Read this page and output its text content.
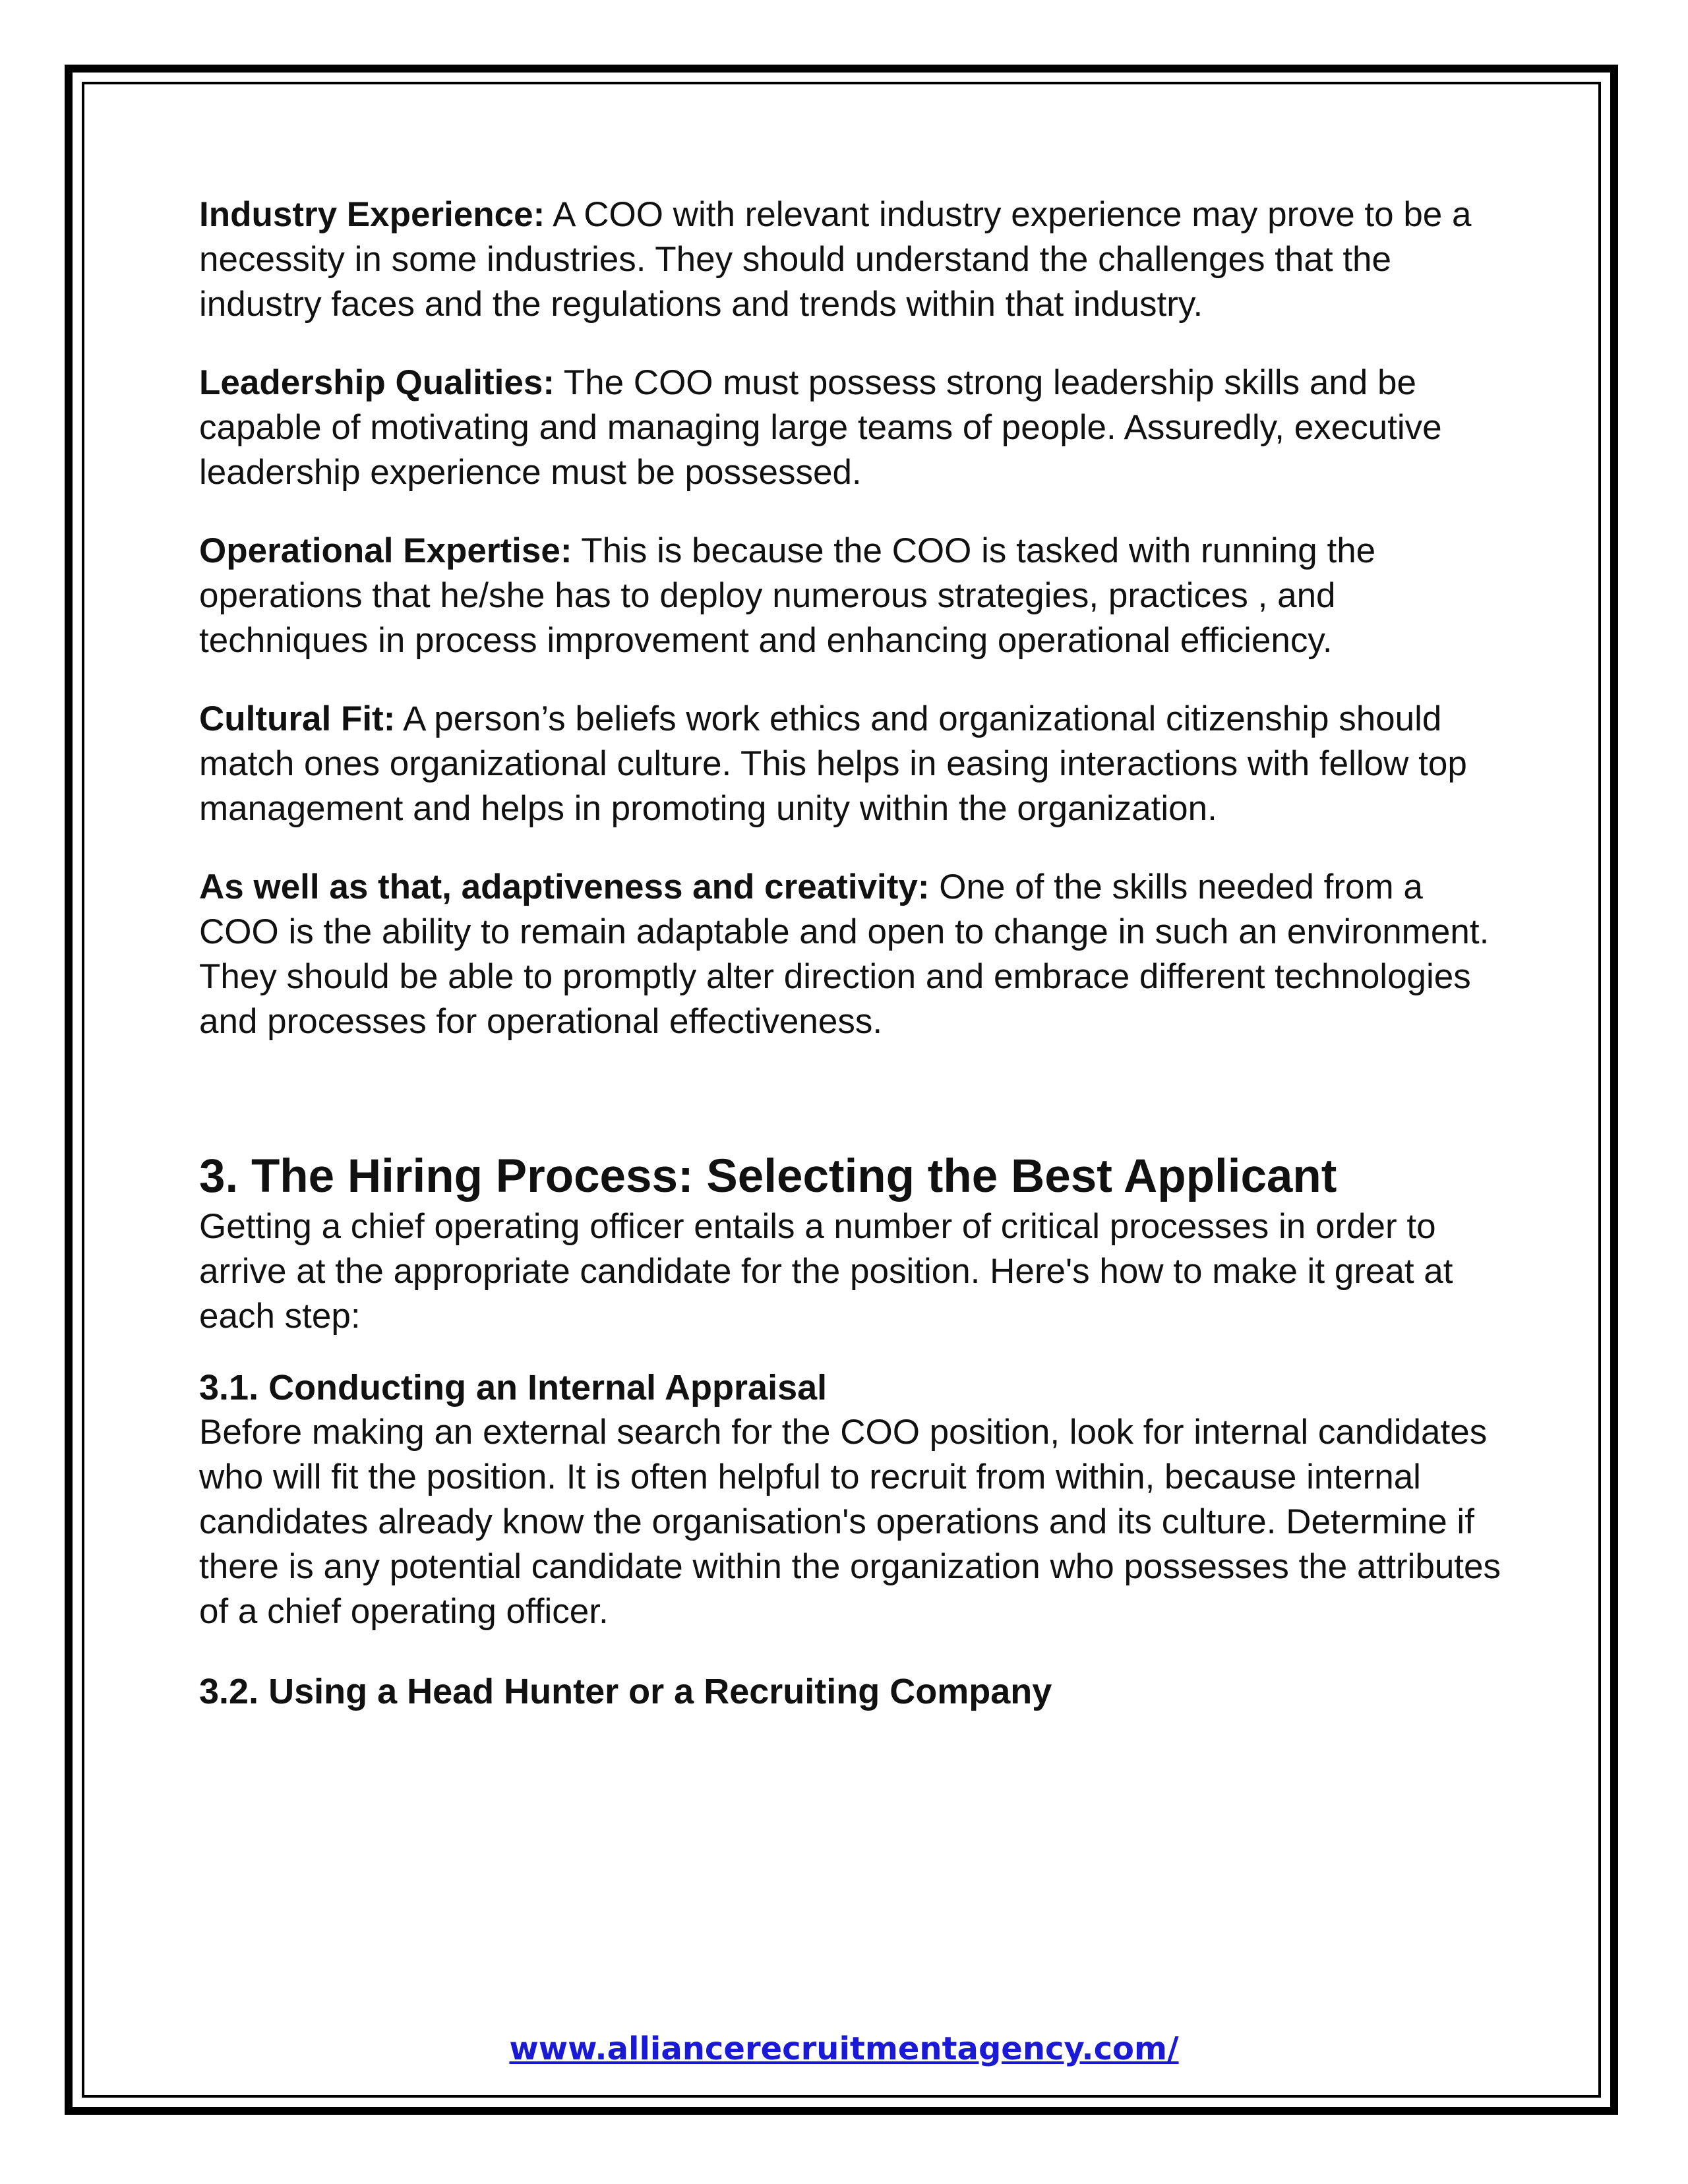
Industry Experience: A COO with relevant industry experience may prove to be a necessity in some industries. They should understand the challenges that the industry faces and the regulations and trends within that industry.

Leadership Qualities: The COO must possess strong leadership skills and be capable of motivating and managing large teams of people. Assuredly, executive leadership experience must be possessed.

Operational Expertise: This is because the COO is tasked with running the operations that he/she has to deploy numerous strategies, practices , and techniques in process improvement and enhancing operational efficiency.

Cultural Fit: A person’s beliefs work ethics and organizational citizenship should match ones organizational culture. This helps in easing interactions with fellow top management and helps in promoting unity within the organization.

As well as that, adaptiveness and creativity: One of the skills needed from a COO is the ability to remain adaptable and open to change in such an environment. They should be able to promptly alter direction and embrace different technologies and processes for operational effectiveness.

3. The Hiring Process: Selecting the Best Applicant

Getting a chief operating officer entails a number of critical processes in order to arrive at the appropriate candidate for the position. Here's how to make it great at each step:

3.1. Conducting an Internal Appraisal

Before making an external search for the COO position, look for internal candidates who will fit the position. It is often helpful to recruit from within, because internal candidates already know the organisation's operations and its culture. Determine if there is any potential candidate within the organization who possesses the attributes of a chief operating officer.

3.2. Using a Head Hunter or a Recruiting Company
www.alliancerecruitmentagency.com/
